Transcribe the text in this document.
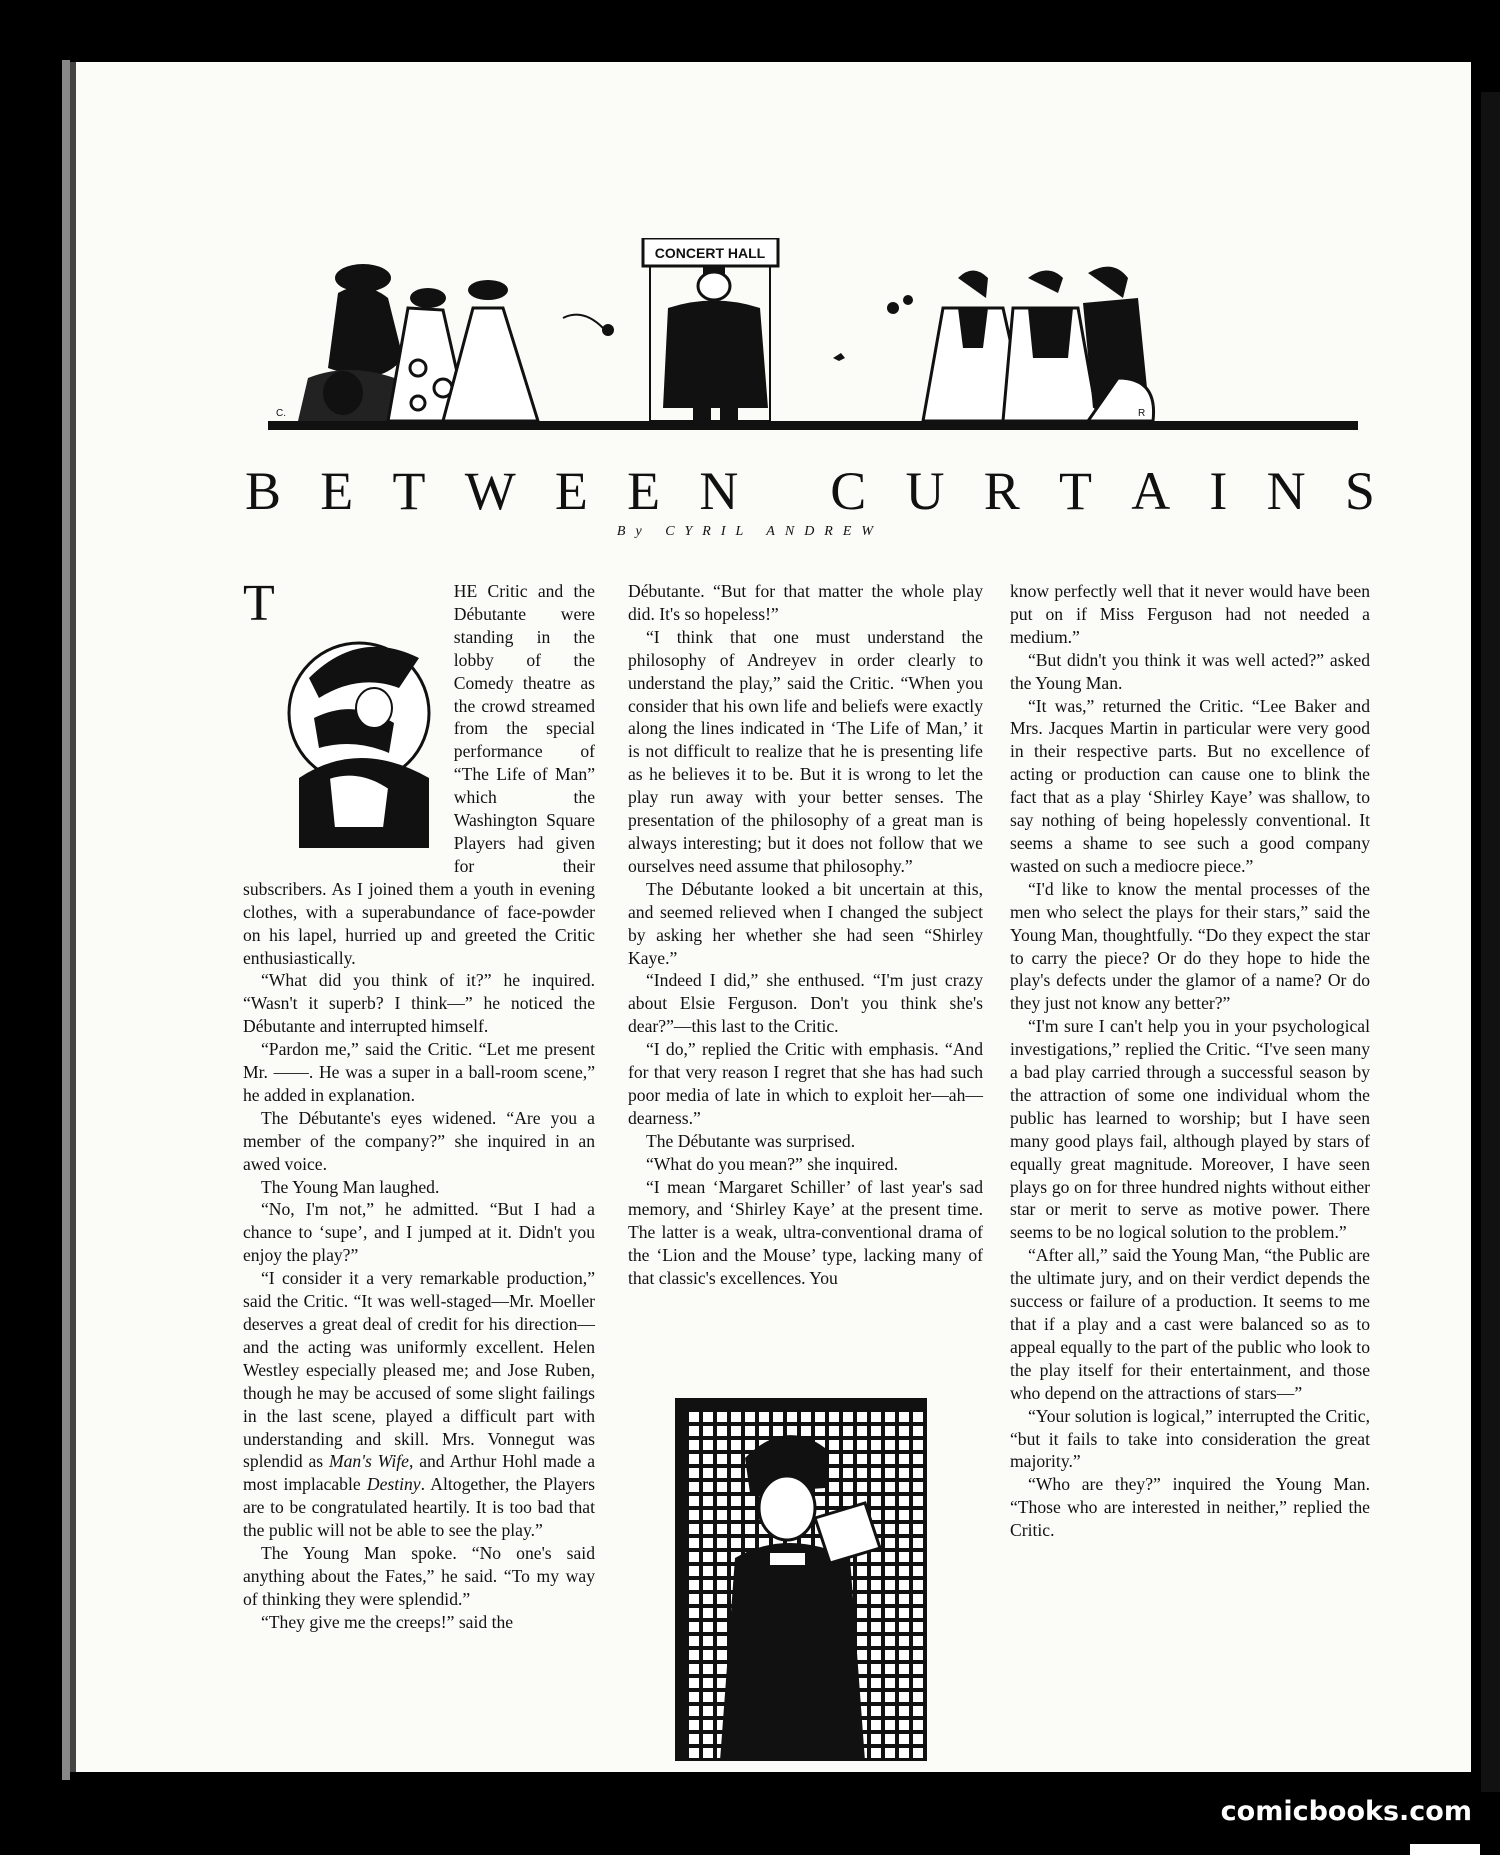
C.
CONCERT HALL
R
B E T W E E N
C U R T A I N S
By CYRIL ANDREW

T	HE Critic and the Débutante were standing in the lobby of the Comedy theatre as the crowd streamed from the special performance of “The Life of Man” which the Washington Square Players had given for their subscribers. As I joined them a youth in evening clothes, with a superabundance of face-powder on his lapel, hurried up and greeted the Critic enthusiastically.

“What did you think of it?” he inquired. “Wasn't it superb? I think—” he noticed the Débutante and interrupted himself.

“Pardon me,” said the Critic. “Let me present Mr. ——. He was a super in a ball-room scene,” he added in explanation.

The Débutante's eyes widened. “Are you a member of the company?” she inquired in an awed voice.

The Young Man laughed.

“No, I'm not,” he admitted. “But I had a chance to ‘supe’, and I jumped at it. Didn't you enjoy the play?”

“I consider it a very remarkable production,” said the Critic. “It was well-staged—Mr. Moeller deserves a great deal of credit for his direction—and the acting was uniformly excellent. Helen Westley especially pleased me; and Jose Ruben, though he may be accused of some slight failings in the last scene, played a difficult part with understanding and skill. Mrs. Vonnegut was splendid as Man's Wife, and Arthur Hohl made a most implacable Destiny. Altogether, the Players are to be congratulated heartily. It is too bad that the public will not be able to see the play.”

The Young Man spoke. “No one's said anything about the Fates,” he said. “To my way of thinking they were splendid.”

“They give me the creeps!” said the

Débutante. “But for that matter the whole play did. It's so hopeless!”

“I think that one must understand the philosophy of Andreyev in order clearly to understand the play,” said the Critic. “When you consider that his own life and beliefs were exactly along the lines indicated in ‘The Life of Man,’ it is not difficult to realize that he is presenting life as he believes it to be. But it is wrong to let the play run away with your better senses. The presentation of the philosophy of a great man is always interesting; but it does not follow that we ourselves need assume that philosophy.”

The Débutante looked a bit uncertain at this, and seemed relieved when I changed the subject by asking her whether she had seen “Shirley Kaye.”

“Indeed I did,” she enthused. “I'm just crazy about Elsie Ferguson. Don't you think she's dear?”—this last to the Critic.

“I do,” replied the Critic with emphasis. “And for that very reason I regret that she has had such poor media of late in which to exploit her—ah—dearness.”

The Débutante was surprised.

“What do you mean?” she inquired.

“I mean ‘Margaret Schiller’ of last year's sad memory, and ‘Shirley Kaye’ at the present time. The latter is a weak, ultra-conventional drama of the ‘Lion and the Mouse’ type, lacking many of that classic's excellences. You

know perfectly well that it never would have been put on if Miss Ferguson had not needed a medium.”

“But didn't you think it was well acted?” asked the Young Man.

“It was,” returned the Critic. “Lee Baker and Mrs. Jacques Martin in particular were very good in their respective parts. But no excellence of acting or production can cause one to blink the fact that as a play ‘Shirley Kaye’ was shallow, to say nothing of being hopelessly conventional. It seems a shame to see such a good company wasted on such a mediocre piece.”

“I'd like to know the mental processes of the men who select the plays for their stars,” said the Young Man, thoughtfully. “Do they expect the star to carry the piece? Or do they hope to hide the play's defects under the glamor of a name? Or do they just not know any better?”

“I'm sure I can't help you in your psychological investigations,” replied the Critic. “I've seen many a bad play carried through a successful season by the attraction of some one individual whom the public has learned to worship; but I have seen many good plays fail, although played by stars of equally great magnitude. Moreover, I have seen plays go on for three hundred nights without either star or merit to serve as motive power. There seems to be no logical solution to the problem.”

“After all,” said the Young Man, “the Public are the ultimate jury, and on their verdict depends the success or failure of a production. It seems to me that if a play and a cast were balanced so as to appeal equally to the part of the public who look to the play itself for their entertainment, and those who depend on the attractions of stars—”

“Your solution is logical,” interrupted the Critic, “but it fails to take into consideration the great majority.”

“Who are they?” inquired the Young Man. “Those who are interested in neither,” replied the Critic.

comicbooks.com
